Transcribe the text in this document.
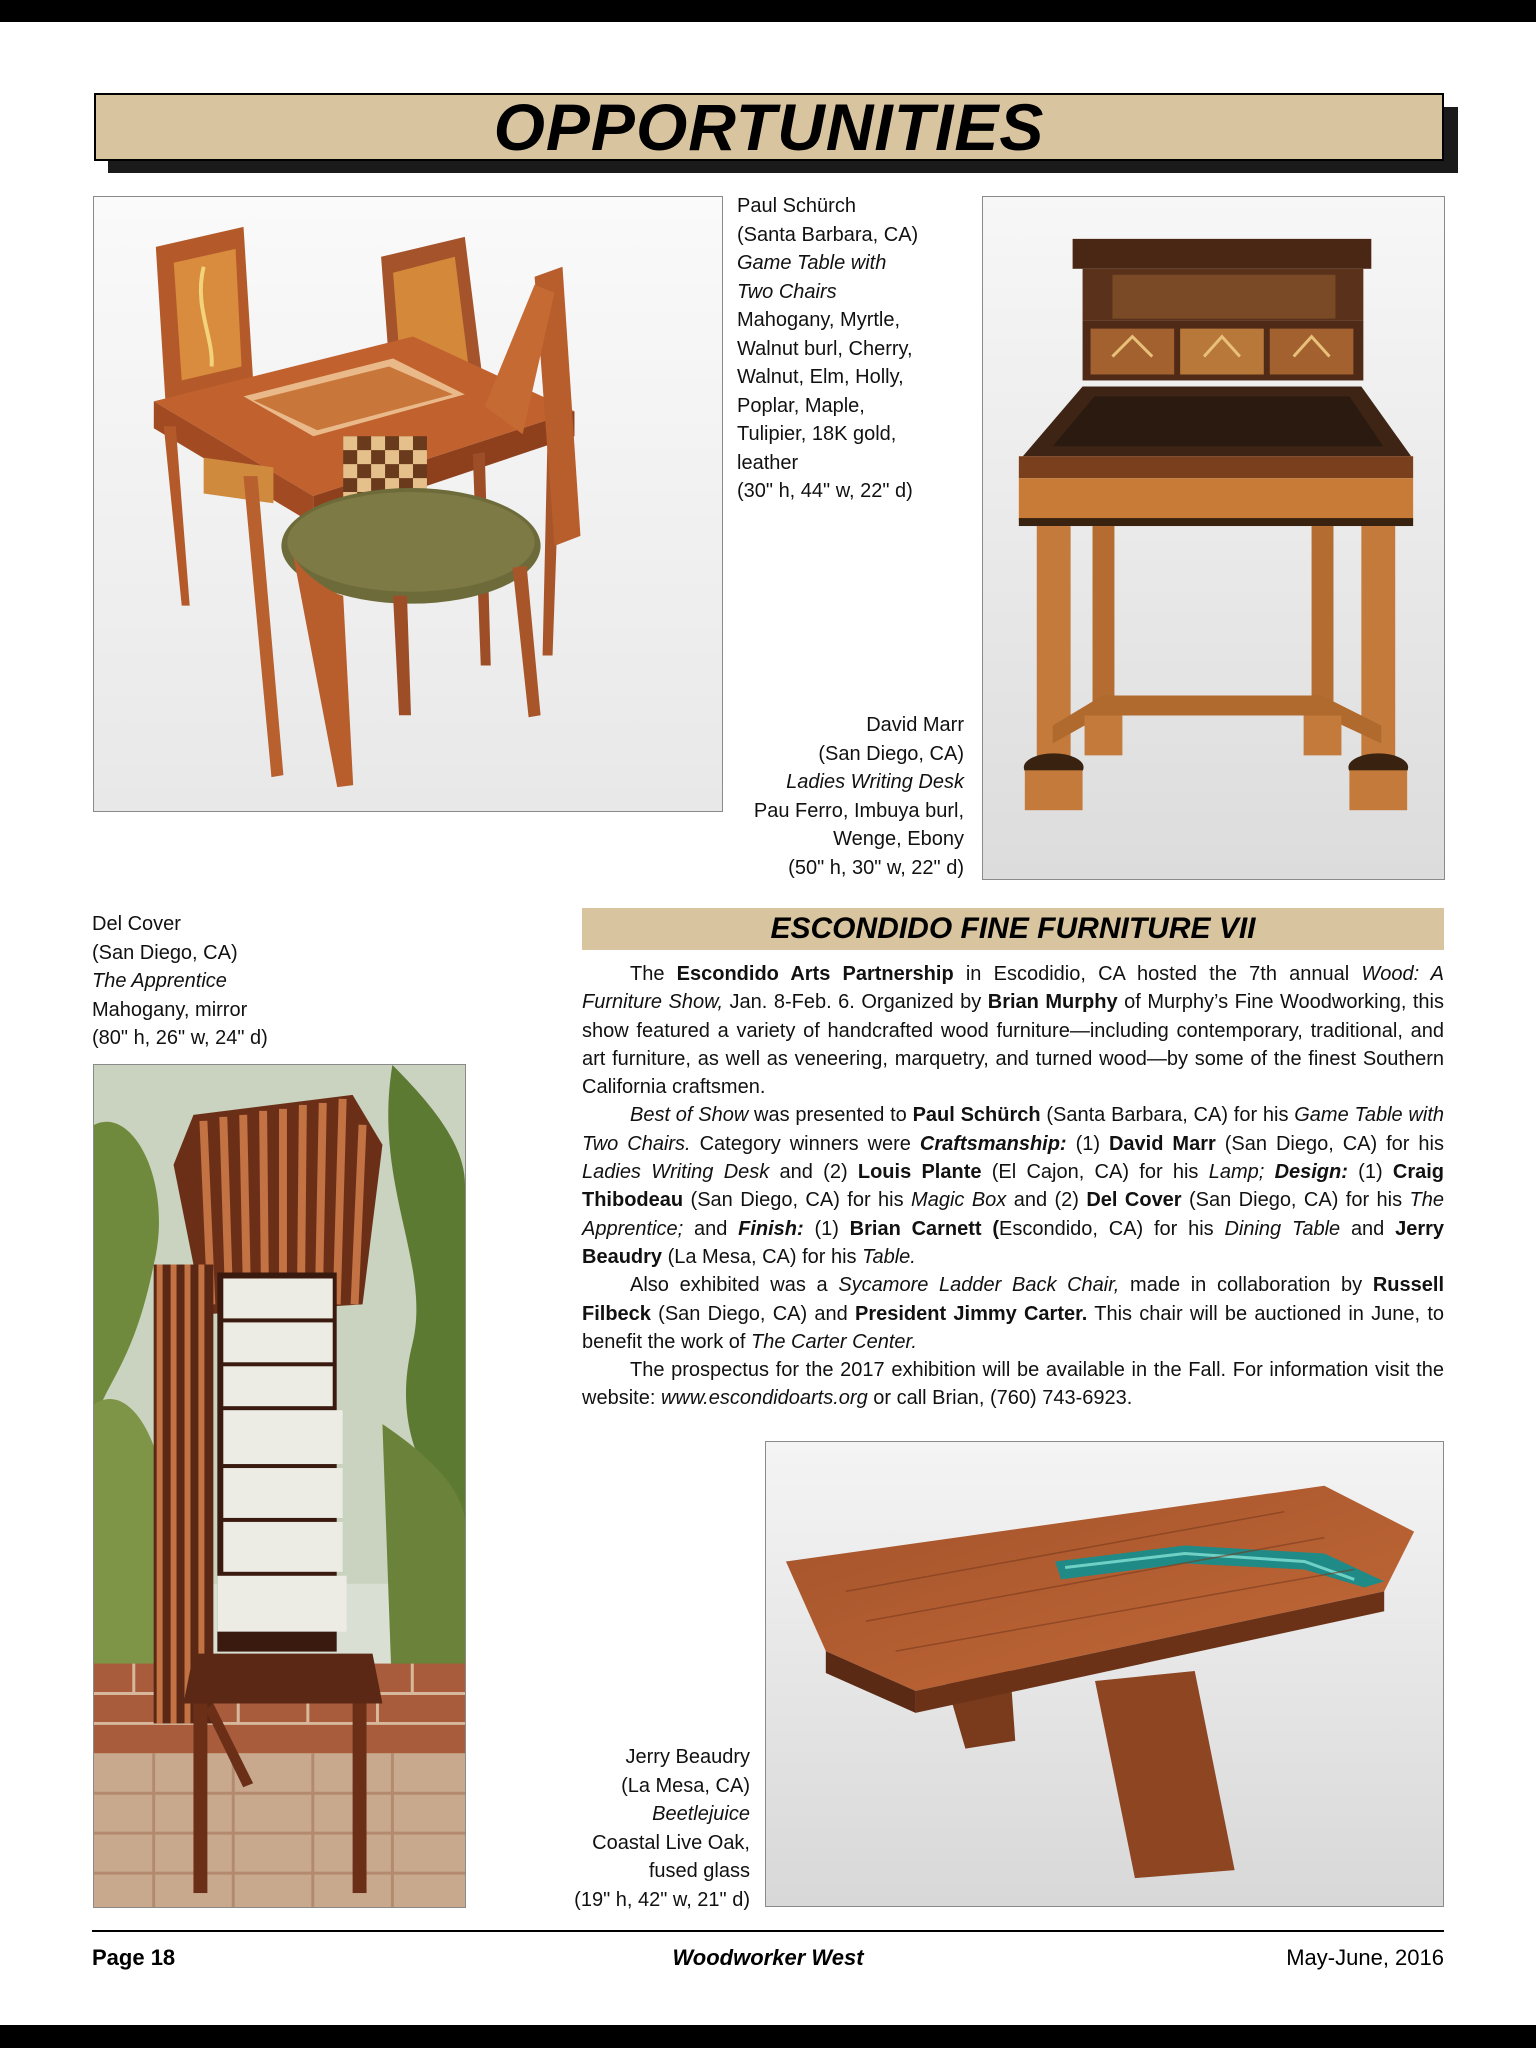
OPPORTUNITIES
Paul Schürch
(Santa Barbara, CA)
Game Table with
Two Chairs
Mahogany, Myrtle,
Walnut burl, Cherry,
Walnut, Elm, Holly,
Poplar, Maple,
Tulipier, 18K gold,
leather
(30" h, 44" w, 22" d)
David Marr
(San Diego, CA)
Ladies Writing Desk
Pau Ferro, Imbuya burl,
Wenge, Ebony
(50" h, 30" w, 22" d)
Del Cover
(San Diego, CA)
The Apprentice
Mahogany, mirror
(80" h, 26" w, 24" d)
ESCONDIDO FINE FURNITURE VII

The Escondido Arts Partnership in Escodidio, CA hosted the 7th annual Wood: A Furniture Show, Jan. 8-Feb. 6. Organized by Brian Murphy of Murphy’s Fine Woodworking, this show featured a variety of handcrafted wood furniture—including contemporary, traditional, and art furniture, as well as veneering, marquetry, and turned wood—by some of the finest Southern California craftsmen.

Best of Show was presented to Paul Schürch (Santa Barbara, CA) for his Game Table with Two Chairs. Category winners were Craftsmanship: (1) David Marr (San Diego, CA) for his Ladies Writing Desk and (2) Louis Plante (El Cajon, CA) for his Lamp; Design: (1) Craig Thibodeau (San Diego, CA) for his Magic Box and (2) Del Cover (San Diego, CA) for his The Apprentice; and Finish: (1) Brian Carnett (Escondido, CA) for his Dining Table and Jerry Beaudry (La Mesa, CA) for his Table.

Also exhibited was a Sycamore Ladder Back Chair, made in collaboration by Russell Filbeck (San Diego, CA) and President Jimmy Carter. This chair will be auctioned in June, to benefit the work of The Carter Center.

The prospectus for the 2017 exhibition will be available in the Fall. For information visit the website: www.escondidoarts.org or call Brian, (760) 743-6923.

Jerry Beaudry
(La Mesa, CA)
Beetlejuice
Coastal Live Oak,
fused glass
(19" h, 42" w, 21" d)
Page 18	Woodworker West	May-June, 2016
